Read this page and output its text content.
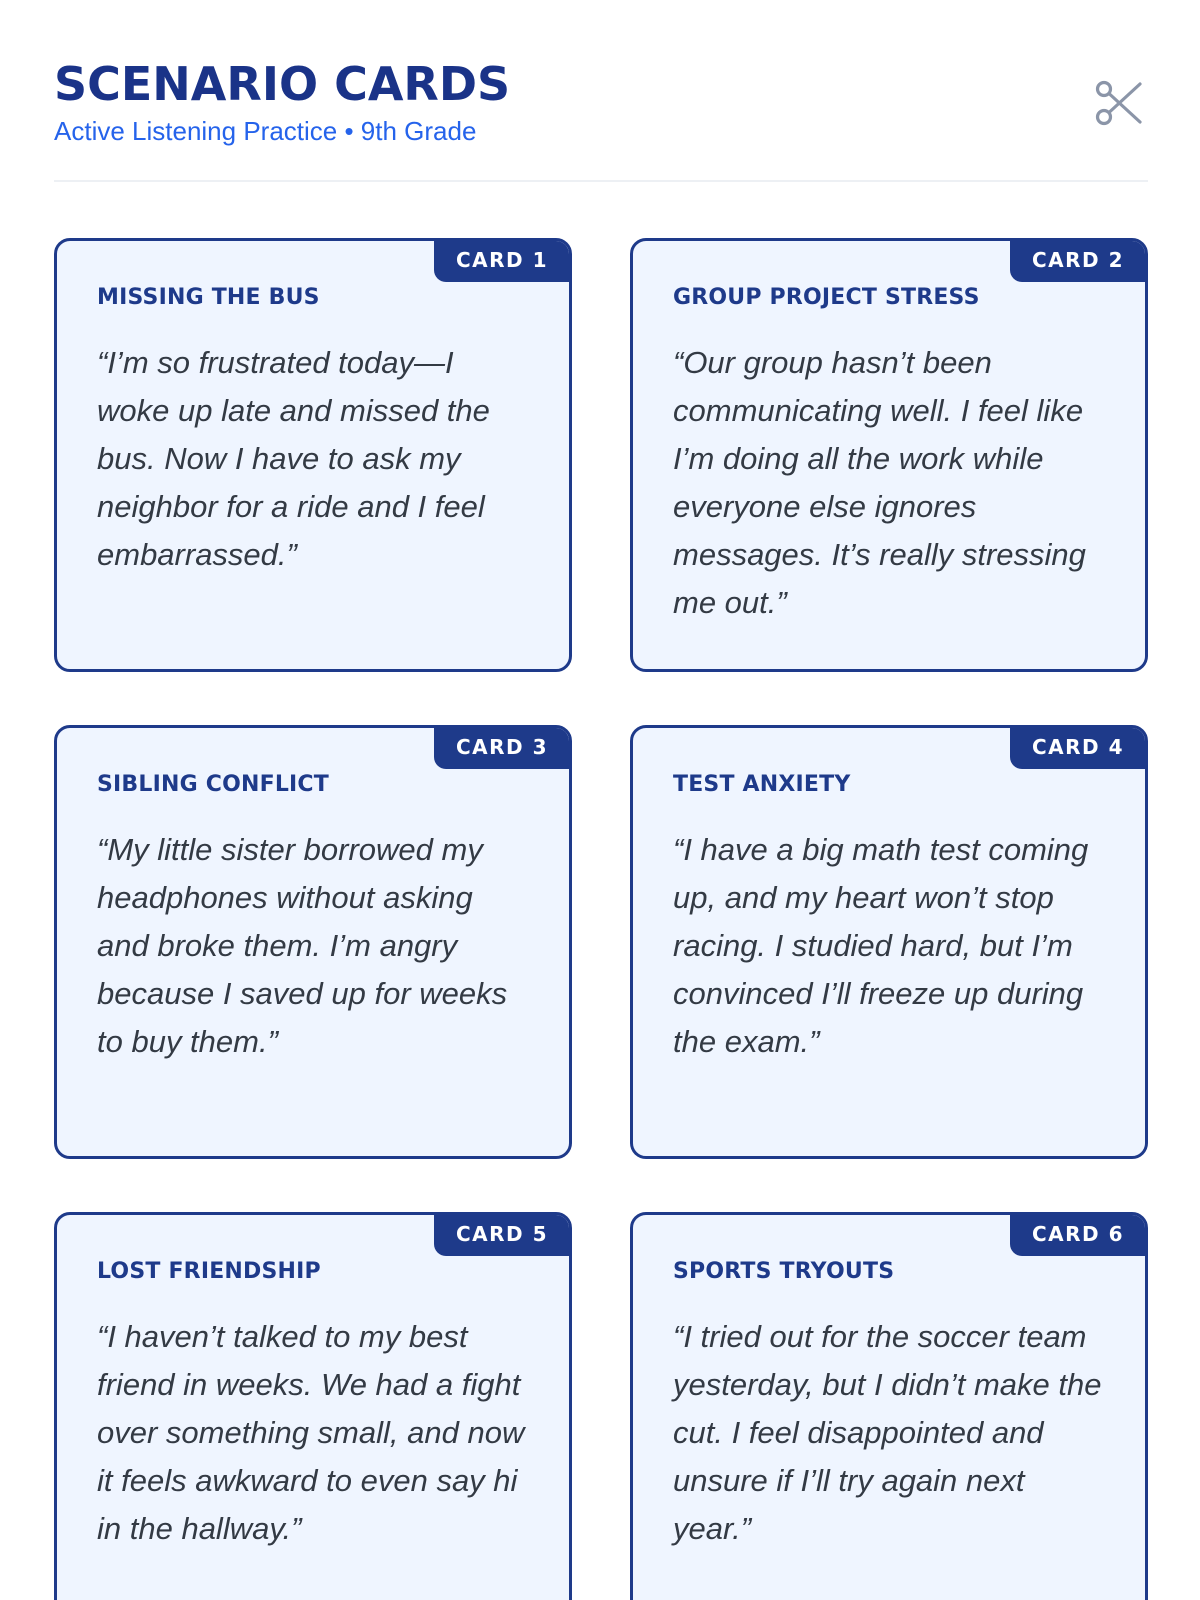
SCENARIO CARDS
Active Listening Practice • 9th Grade
CARD 1
MISSING THE BUS
“I’m so frustrated today—I woke up late and missed the bus. Now I have to ask my neighbor for a ride and I feel embarrassed.”
CARD 2
GROUP PROJECT STRESS
“Our group hasn’t been communicating well. I feel like I’m doing all the work while everyone else ignores messages. It’s really stressing me out.”
CARD 3
SIBLING CONFLICT
“My little sister borrowed my headphones without asking and broke them. I’m angry because I saved up for weeks to buy them.”
CARD 4
TEST ANXIETY
“I have a big math test coming up, and my heart won’t stop racing. I studied hard, but I’m convinced I’ll freeze up during the exam.”
CARD 5
LOST FRIENDSHIP
“I haven’t talked to my best friend in weeks. We had a fight over something small, and now it feels awkward to even say hi in the hallway.”
CARD 6
SPORTS TRYOUTS
“I tried out for the soccer team yesterday, but I didn’t make the cut. I feel disappointed and unsure if I’ll try again next year.”
